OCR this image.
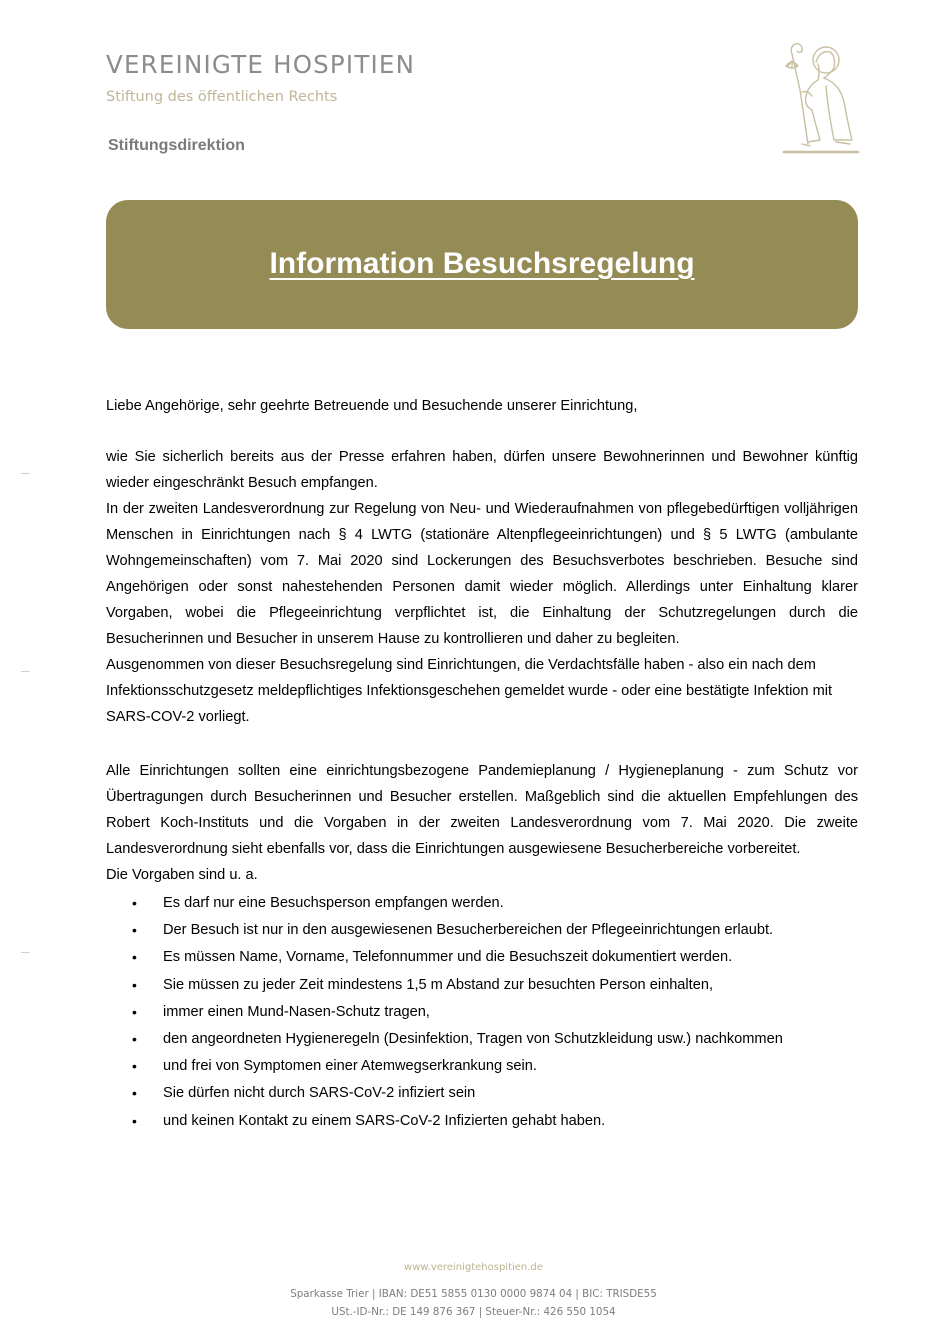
VEREINIGTE HOSPITIEN
Stiftung des öffentlichen Rechts
Stiftungsdirektion
Information Besuchsregelung

Liebe Angehörige, sehr geehrte Betreuende und Besuchende unserer Einrichtung,

wie Sie sicherlich bereits aus der Presse erfahren haben, dürfen unsere Bewohnerinnen und Bewohner künftig wieder eingeschränkt Besuch empfangen.

In der zweiten Landesverordnung zur Regelung von Neu- und Wiederaufnahmen von pflegebedürftigen volljährigen Menschen in Einrichtungen nach § 4 LWTG (stationäre Altenpflegeeinrichtungen) und § 5 LWTG (ambulante Wohngemeinschaften) vom 7. Mai 2020 sind Lockerungen des Besuchsverbotes beschrieben. Besuche sind Angehörigen oder sonst nahestehenden Personen damit wieder möglich. Allerdings unter Einhaltung klarer Vorgaben, wobei die Pflegeeinrichtung verpflichtet ist, die Einhaltung der Schutzregelungen durch die Besucherinnen und Besucher in unserem Hause zu kontrollieren und daher zu begleiten.

Ausgenommen von dieser Besuchsregelung sind Einrichtungen, die Verdachtsfälle haben - also ein nach dem Infektionsschutzgesetz meldepflichtiges Infektionsgeschehen gemeldet wurde - oder eine bestätigte Infektion mit SARS-COV-2 vorliegt.

Alle Einrichtungen sollten eine einrichtungsbezogene Pandemieplanung / Hygieneplanung - zum Schutz vor Übertragungen durch Besucherinnen und Besucher erstellen. Maßgeblich sind die aktuellen Empfehlungen des Robert Koch-Instituts und die Vorgaben in der zweiten Landesverordnung vom 7. Mai 2020. Die zweite Landesverordnung sieht ebenfalls vor, dass die Einrichtungen ausgewiesene Besucherbereiche vorbereitet.

Die Vorgaben sind u. a.

• Es darf nur eine Besuchsperson empfangen werden.
• Der Besuch ist nur in den ausgewiesenen Besucherbereichen der Pflegeeinrichtungen erlaubt.
• Es müssen Name, Vorname, Telefonnummer und die Besuchszeit dokumentiert werden.
• Sie müssen zu jeder Zeit mindestens 1,5 m Abstand zur besuchten Person einhalten,
• immer einen Mund-Nasen-Schutz tragen,
• den angeordneten Hygieneregeln (Desinfektion, Tragen von Schutzkleidung usw.) nachkommen
• und frei von Symptomen einer Atemwegserkrankung sein.
• Sie dürfen nicht durch SARS-CoV-2 infiziert sein
• und keinen Kontakt zu einem SARS-CoV-2 Infizierten gehabt haben.
www.vereinigtehospitien.de
Sparkasse Trier | IBAN: DE51 5855 0130 0000 9874 04 | BIC: TRISDE55
USt.-ID-Nr.: DE 149 876 367 | Steuer-Nr.: 426 550 1054
